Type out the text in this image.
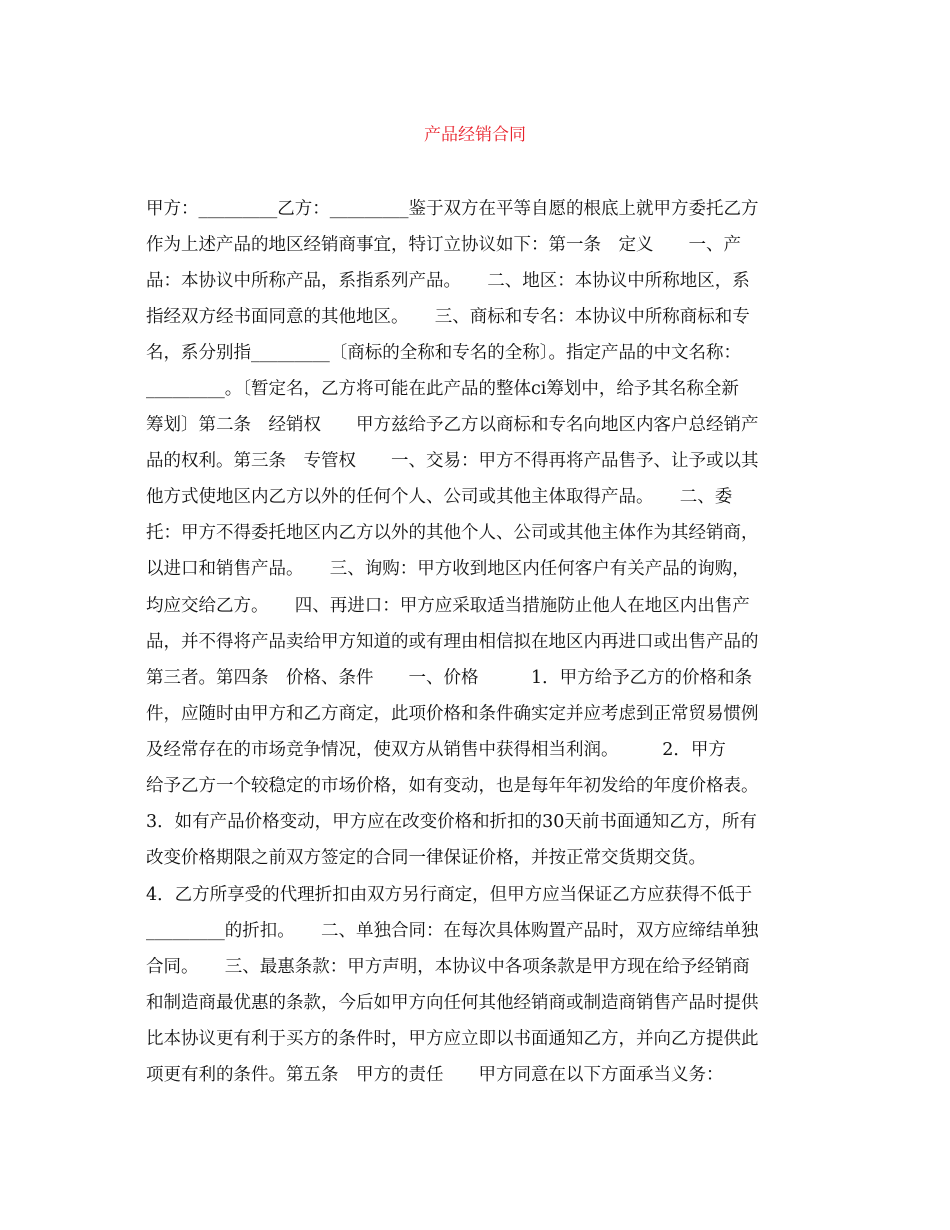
产品经销合同
甲方：_________乙方：_________鉴于双方在平等自愿的根底上就甲方委托乙方
作为上述产品的地区经销商事宜，特订立协议如下：第一条　定义　　一、产
品：本协议中所称产品，系指系列产品。　　二、地区：本协议中所称地区，系
指经双方经书面同意的其他地区。　　三、商标和专名：本协议中所称商标和专
名，系分别指_________〔商标的全称和专名的全称〕。指定产品的中文名称：
_________。〔暂定名，乙方将可能在此产品的整体ci筹划中，给予其名称全新
筹划〕第二条　经销权　　甲方兹给予乙方以商标和专名向地区内客户总经销产
品的权利。第三条　专管权　　一、交易：甲方不得再将产品售予、让予或以其
他方式使地区内乙方以外的任何个人、公司或其他主体取得产品。　　二、委
托：甲方不得委托地区内乙方以外的其他个人、公司或其他主体作为其经销商，
以进口和销售产品。　　三、询购：甲方收到地区内任何客户有关产品的询购，
均应交给乙方。　　四、再进口：甲方应采取适当措施防止他人在地区内出售产
品，并不得将产品卖给甲方知道的或有理由相信拟在地区内再进口或出售产品的
第三者。第四条　价格、条件　　一、价格　　　1．甲方给予乙方的价格和条
件，应随时由甲方和乙方商定，此项价格和条件确实定并应考虑到正常贸易惯例
及经常存在的市场竞争情况，使双方从销售中获得相当利润。　　　2．甲方
给予乙方一个较稳定的市场价格，如有变动，也是每年年初发给的年度价格表。
3．如有产品价格变动，甲方应在改变价格和折扣的30天前书面通知乙方，所有
改变价格期限之前双方签定的合同一律保证价格，并按正常交货期交货。
4．乙方所享受的代理折扣由双方另行商定，但甲方应当保证乙方应获得不低于
_________的折扣。　　二、单独合同：在每次具体购置产品时，双方应缔结单独
合同。　　三、最惠条款：甲方声明，本协议中各项条款是甲方现在给予经销商
和制造商最优惠的条款，今后如甲方向任何其他经销商或制造商销售产品时提供
比本协议更有利于买方的条件时，甲方应立即以书面通知乙方，并向乙方提供此
项更有利的条件。第五条　甲方的责任　　甲方同意在以下方面承当义务：
